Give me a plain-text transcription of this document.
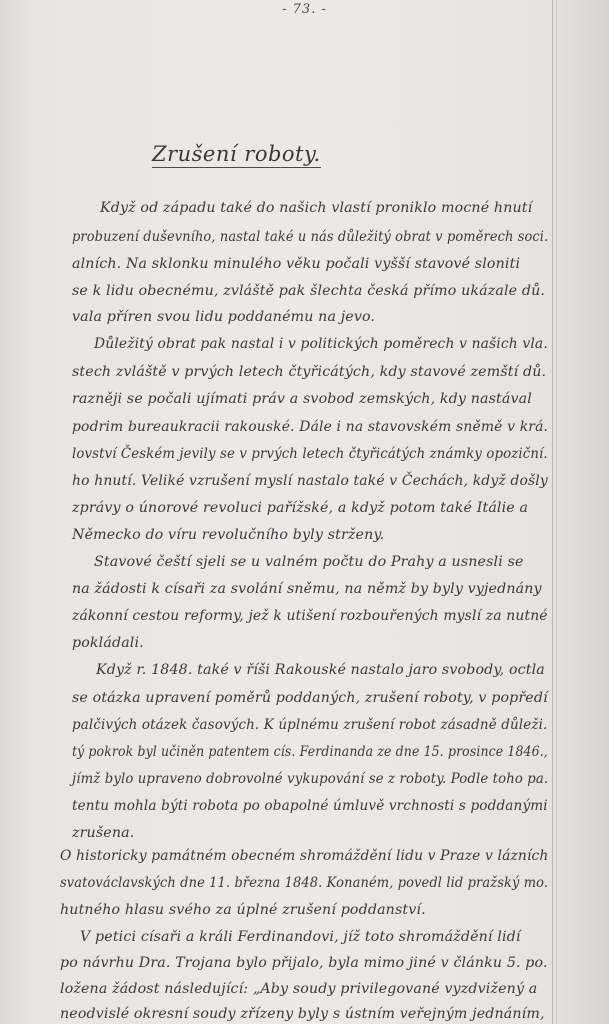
- 73. -
Zrušení roboty.
Když od západu také do našich vlastí proniklo mocné hnutí
probuzení duševního, nastal také u nás důležitý obrat v poměrech soci.
alních. Na sklonku minulého věku počali vyšší stavové sloniti
se k lidu obecnému, zvláště pak šlechta česká přímo ukázale dů.
vala příren svou lidu poddanému na jevo.
Důležitý obrat pak nastal i v politických poměrech v našich vla.
stech zvláště v prvých letech čtyřicátých, kdy stavové zemští dů.
razněji se počali ujímati práv a svobod zemských, kdy nastával
podrim bureaukracii rakouské. Dále i na stavovském sněmě v krá.
lovství Českém jevily se v prvých letech čtyřicátých známky opoziční.
ho hnutí. Veliké vzrušení myslí nastalo také v Čechách, když došly
zprávy o únorové revoluci pařížské, a když potom také Itálie a
Německo do víru revolučního byly strženy.
Stavové čeští sjeli se u valném počtu do Prahy a usnesli se
na žádosti k císaři za svolání sněmu, na němž by byly vyjednány
zákonní cestou reformy, jež k utišení rozbouřených myslí za nutné
pokládali.
Když r. 1848. také v říši Rakouské nastalo jaro svobody, octla
se otázka upravení poměrů poddaných, zrušení roboty, v popředí
palčivých otázek časových. K úplnému zrušení robot zásadně důleži.
tý pokrok byl učiněn patentem cís. Ferdinanda ze dne 15. prosince 1846.,
jímž bylo upraveno dobrovolné vykupování se z roboty. Podle toho pa.
tentu mohla býti robota po obapolné úmluvě vrchnosti s poddanými
zrušena.
O historicky památném obecném shromáždění lidu v Praze v lázních
svatováclavských dne 11. března 1848. Konaném, povedl lid pražský mo.
hutného hlasu svého za úplné zrušení poddanství.
V petici císaři a králi Ferdinandovi, jíž toto shromáždění lidí
po návrhu Dra. Trojana bylo přijalo, byla mimo jiné v článku 5. po.
ložena žádost následující: „Aby soudy privilegované vyzdvižený a
neodvislé okresní soudy zřízeny byly s ústním veřejným jednáním,
